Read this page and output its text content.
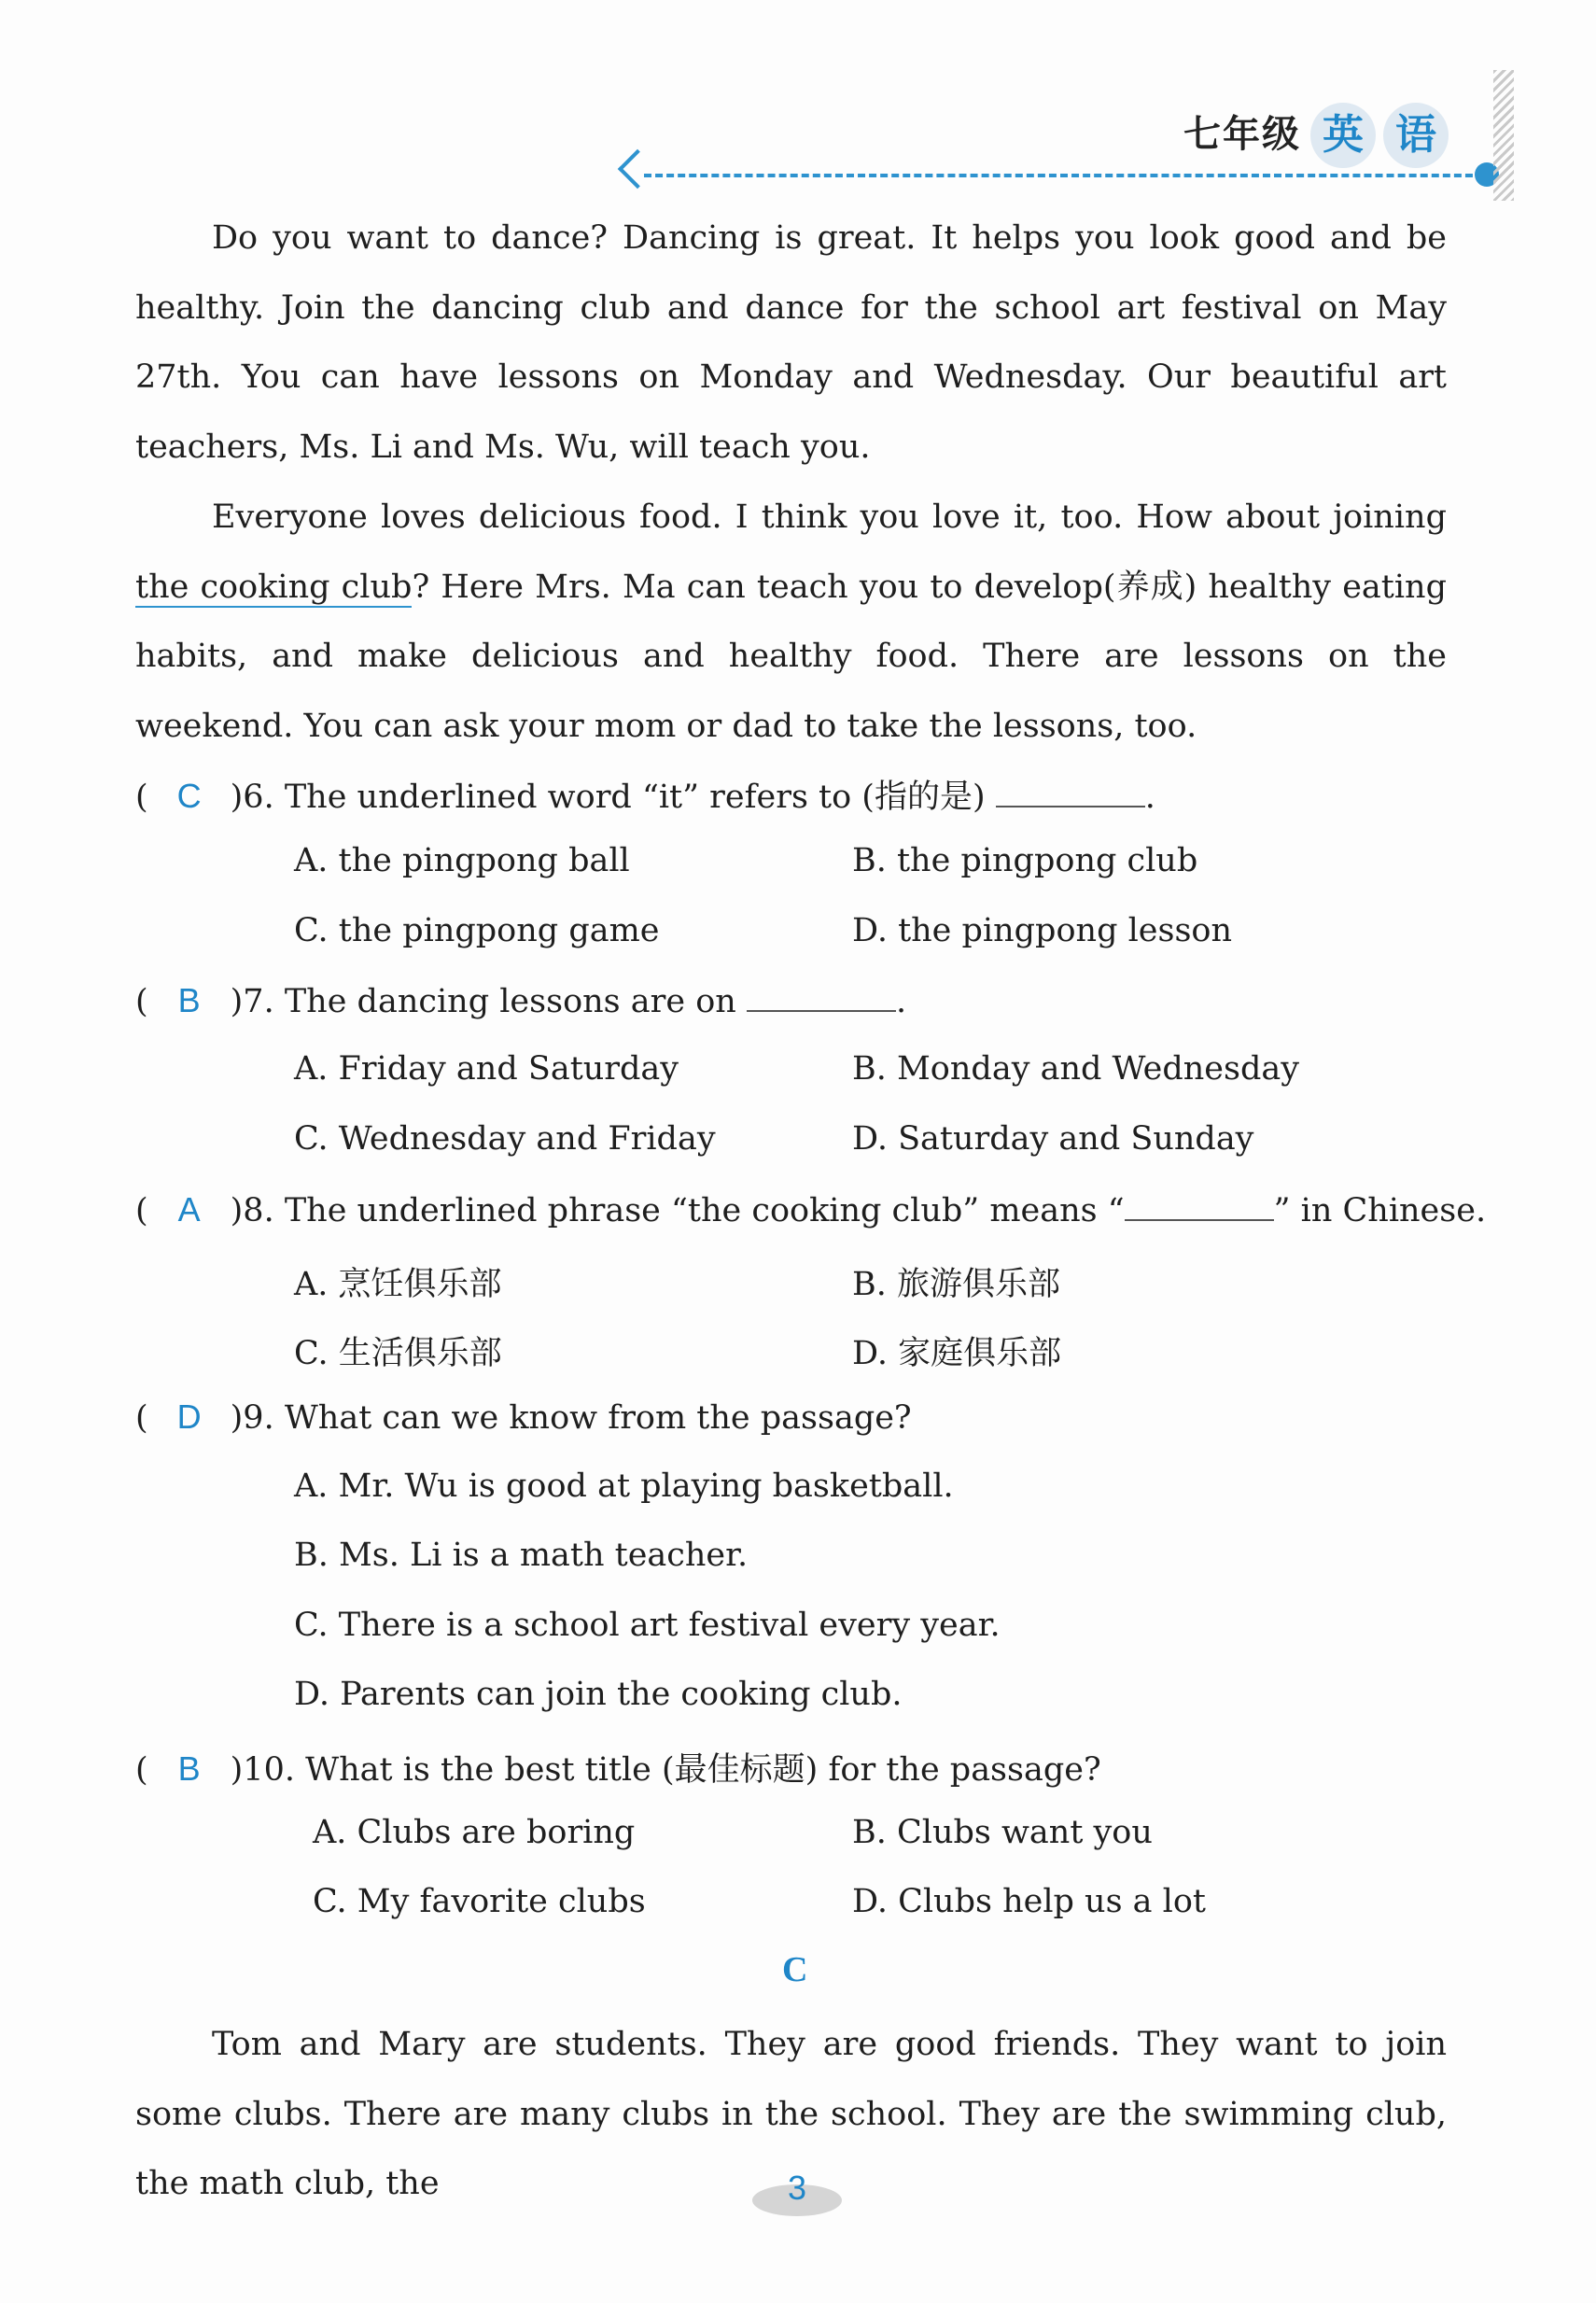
七年级 英 语

Do you want to dance? Dancing is great. It helps you look good and be healthy. Join the dancing club and dance for the school art festival on May 27th. You can have lessons on Monday and Wednesday. Our beautiful art teachers, Ms. Li and Ms. Wu, will teach you.

Everyone loves delicious food. I think you love it, too. How about joining the cooking club? Here Mrs. Ma can teach you to develop(养成) healthy eating habits, and make delicious and healthy food. There are lessons on the weekend. You can ask your mom or dad to take the lessons, too.

( C )6. The underlined word “it” refers to (指的是)	.
A. the pingpong ball	B. the pingpong club
C. the pingpong game	D. the pingpong lesson
( B )7. The dancing lessons are on	.
A. Friday and Saturday	B. Monday and Wednesday
C. Wednesday and Friday	D. Saturday and Sunday
( A )8. The underlined phrase “the cooking club” means “	” in Chinese.
A. 烹饪俱乐部	B. 旅游俱乐部
C. 生活俱乐部	D. 家庭俱乐部
( D )9. What can we know from the passage?
A. Mr. Wu is good at playing basketball.
B. Ms. Li is a math teacher.
C. There is a school art festival every year.
D. Parents can join the cooking club.
( B )10. What is the best title (最佳标题) for the passage?
A. Clubs are boring	B. Clubs want you
C. My favorite clubs	D. Clubs help us a lot
C

Tom and Mary are students. They are good friends. They want to join some clubs. There are many clubs in the school. They are the swimming club, the math club, the	3
